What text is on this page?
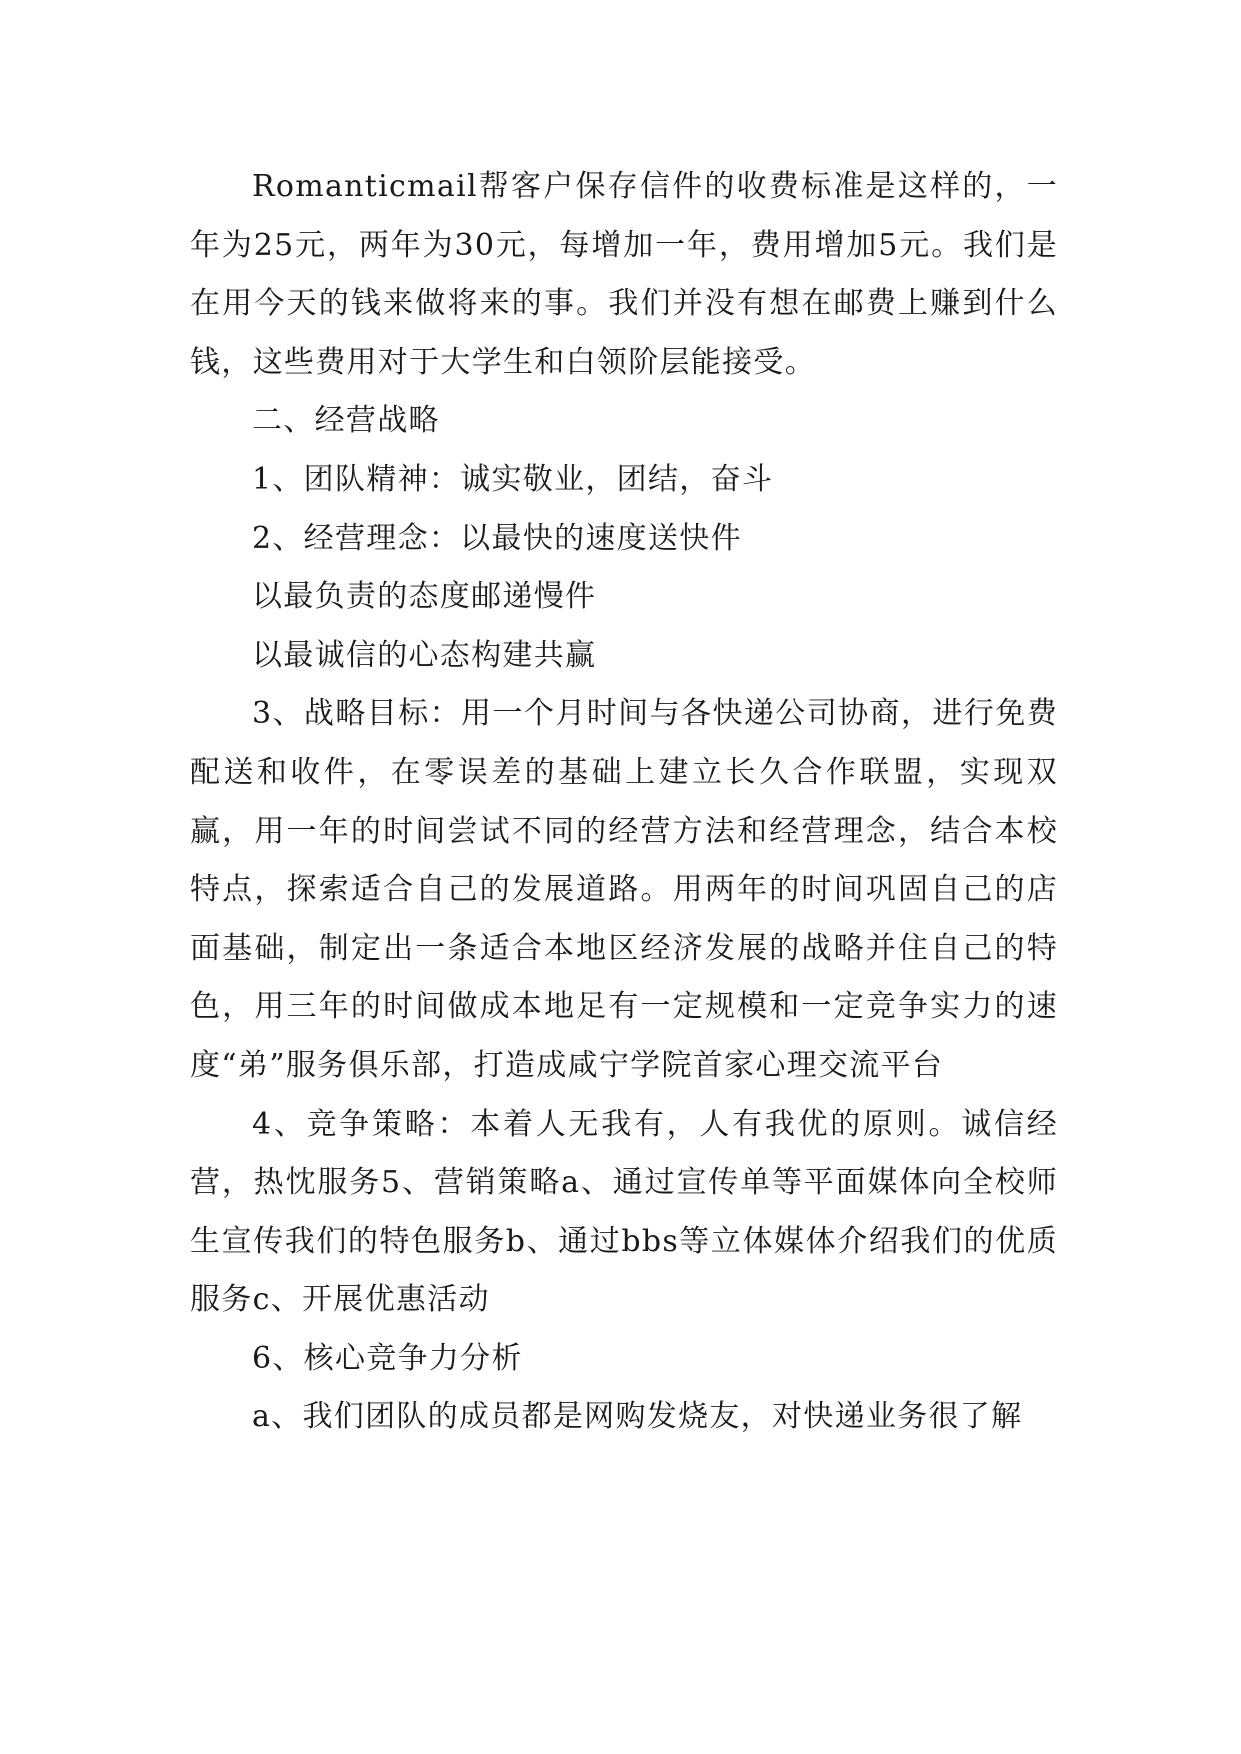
Romanticmail帮客户保存信件的收费标准是这样的，一年为25元，两年为30元，每增加一年，费用增加5元。我们是在用今天的钱来做将来的事。我们并没有想在邮费上赚到什么钱，这些费用对于大学生和白领阶层能接受。

二、经营战略

1、团队精神：诚实敬业，团结，奋斗

2、经营理念：以最快的速度送快件

以最负责的态度邮递慢件

以最诚信的心态构建共赢

3、战略目标：用一个月时间与各快递公司协商，进行免费配送和收件，在零误差的基础上建立长久合作联盟，实现双赢，用一年的时间尝试不同的经营方法和经营理念，结合本校特点，探索适合自己的发展道路。用两年的时间巩固自己的店面基础，制定出一条适合本地区经济发展的战略并住自己的特色，用三年的时间做成本地足有一定规模和一定竞争实力的速度“弟”服务俱乐部，打造成咸宁学院首家心理交流平台

4、竞争策略：本着人无我有，人有我优的原则。诚信经营，热忱服务5、营销策略a、通过宣传单等平面媒体向全校师生宣传我们的特色服务b、通过bbs等立体媒体介绍我们的优质服务c、开展优惠活动

6、核心竞争力分析

a、我们团队的成员都是网购发烧友，对快递业务很了解
